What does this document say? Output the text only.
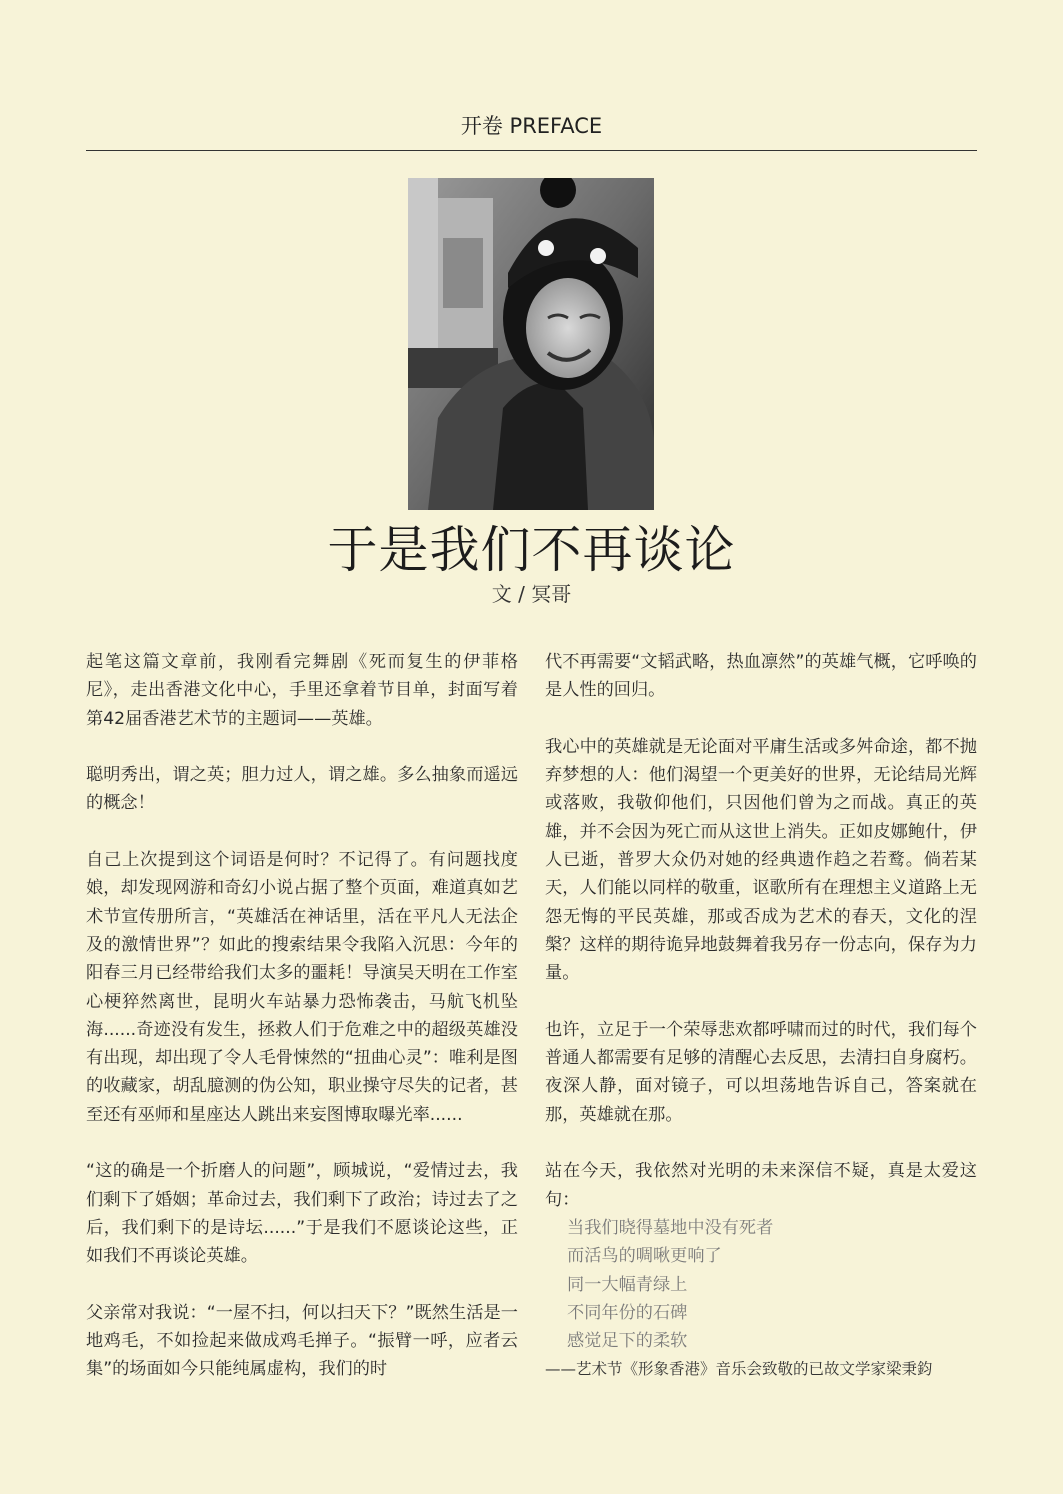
开卷 PREFACE
于是我们不再谈论
文 / 冥哥

起笔这篇文章前，我刚看完舞剧《死而复生的伊菲格尼》，走出香港文化中心，手里还拿着节目单，封面写着第42届香港艺术节的主题词——英雄。

聪明秀出，谓之英；胆力过人，谓之雄。多么抽象而遥远的概念！

自己上次提到这个词语是何时？不记得了。有问题找度娘，却发现网游和奇幻小说占据了整个页面，难道真如艺术节宣传册所言，“英雄活在神话里，活在平凡人无法企及的激情世界”？如此的搜索结果令我陷入沉思：今年的阳春三月已经带给我们太多的噩耗！导演吴天明在工作室心梗猝然离世，昆明火车站暴力恐怖袭击，马航飞机坠海......奇迹没有发生，拯救人们于危难之中的超级英雄没有出现，却出现了令人毛骨悚然的“扭曲心灵”：唯利是图的收藏家，胡乱臆测的伪公知，职业操守尽失的记者，甚至还有巫师和星座达人跳出来妄图博取曝光率......

“这的确是一个折磨人的问题”，顾城说，“爱情过去，我们剩下了婚姻；革命过去，我们剩下了政治；诗过去了之后，我们剩下的是诗坛......”于是我们不愿谈论这些，正如我们不再谈论英雄。

父亲常对我说：“一屋不扫，何以扫天下？”既然生活是一地鸡毛，不如捡起来做成鸡毛掸子。“振臂一呼，应者云集”的场面如今只能纯属虚构，我们的时

代不再需要“文韬武略，热血凛然”的英雄气概，它呼唤的是人性的回归。

我心中的英雄就是无论面对平庸生活或多舛命途，都不抛弃梦想的人：他们渴望一个更美好的世界，无论结局光辉或落败，我敬仰他们，只因他们曾为之而战。真正的英雄，并不会因为死亡而从这世上消失。正如皮娜鲍什，伊人已逝，普罗大众仍对她的经典遗作趋之若鹜。倘若某天，人们能以同样的敬重，讴歌所有在理想主义道路上无怨无悔的平民英雄，那或否成为艺术的春天，文化的涅槃？这样的期待诡异地鼓舞着我另存一份志向，保存为力量。

也许，立足于一个荣辱悲欢都呼啸而过的时代，我们每个普通人都需要有足够的清醒心去反思，去清扫自身腐朽。夜深人静，面对镜子，可以坦荡地告诉自己，答案就在那，英雄就在那。

站在今天，我依然对光明的未来深信不疑，真是太爱这句：

当我们晓得墓地中没有死者
而活鸟的啁啾更响了
同一大幅青绿上
不同年份的石碑
感觉足下的柔软

——艺术节《形象香港》音乐会致敬的已故文学家梁秉鈞
